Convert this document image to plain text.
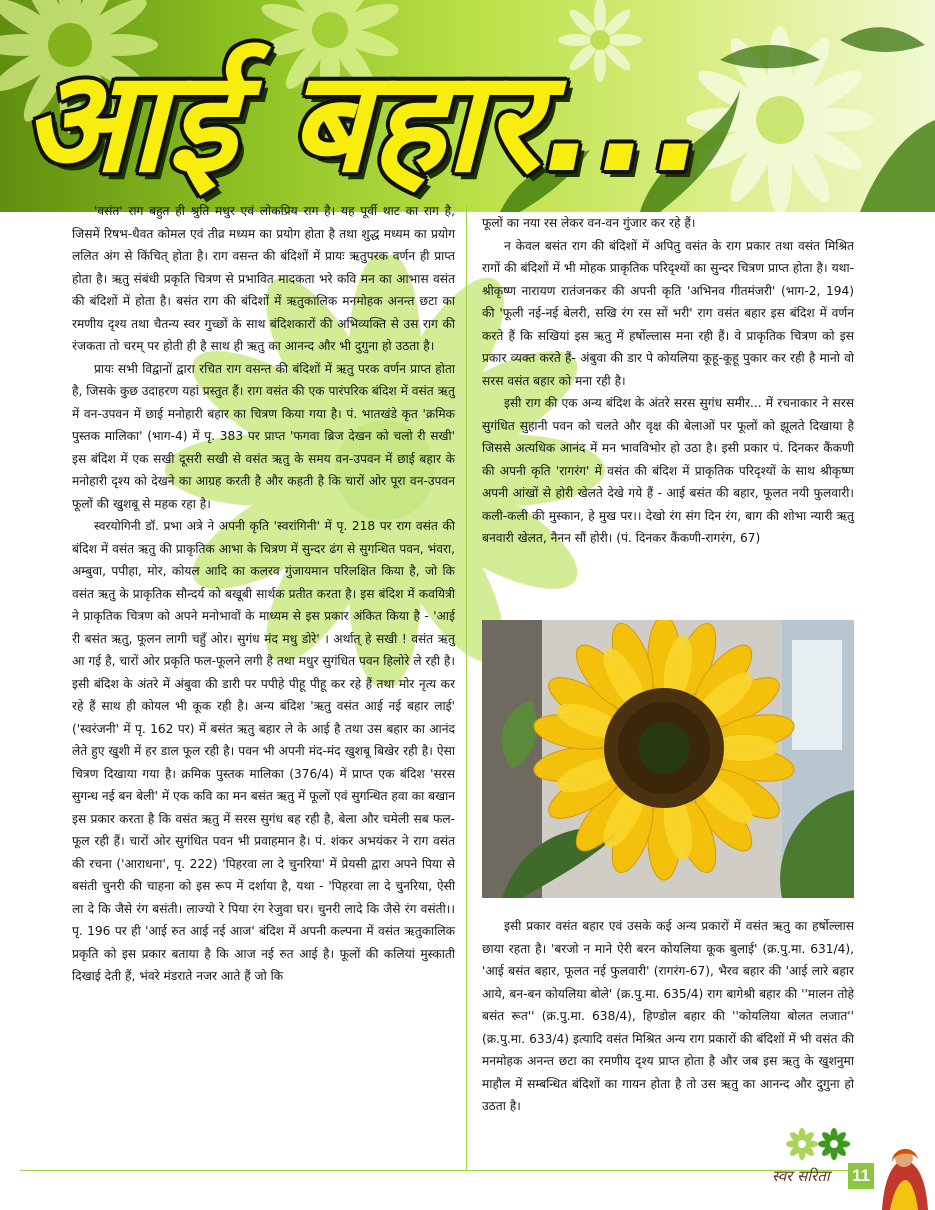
आई बहार...

'वसंत' राग बहुत ही श्रुति मधुर एवं लोकप्रिय राग है। यह पूर्वी थाट का राग है, जिसमें रिषभ-धैवत कोमल एवं तीव्र मध्यम का प्रयोग होता है तथा शुद्ध मध्यम का प्रयोग ललित अंग से किंचित् होता है। राग वसन्त की बंदिशों में प्रायः ऋतुपरक वर्णन ही प्राप्त होता है। ऋतु संबंधी प्रकृति चित्रण से प्रभावित मादकता भरे कवि मन का आभास वसंत की बंदिशों में होता है। बसंत राग की बंदिशों में ऋतुकालिक मनमोहक अनन्त छटा का रमणीय दृश्य तथा चैतन्य स्वर गुच्छों के साथ बंदिशकारों की अभिव्यक्ति से उस राग की रंजकता तो चरम् पर होती ही है साथ ही ऋतु का आनन्द और भी दुगुना हो उठता है।

प्रायः सभी विद्वानों द्वारा रचित राग वसन्त की बंदिशों में ऋतु परक वर्णन प्राप्त होता है, जिसके कुछ उदाहरण यहां प्रस्तुत हैं। राग वसंत की एक पारंपरिक बंदिश में वसंत ऋतु में वन-उपवन में छाई मनोहारी बहार का चित्रण किया गया है। पं. भातखंडे कृत 'क्रमिक पुस्तक मालिका' (भाग-4) में पृ. 383 पर प्राप्त 'फगवा ब्रिज देखन को चलो री सखी' इस बंदिश में एक सखी दूसरी सखी से वसंत ऋतु के समय वन-उपवन में छाई बहार के मनोहारी दृश्य को देखने का आग्रह करती है और कहती है कि चारों ओर पूरा वन-उपवन फूलों की खुशबू से महक रहा है।

स्वरयोगिनी डॉ. प्रभा अत्रे ने अपनी कृति 'स्वरांगिनी' में पृ. 218 पर राग वसंत की बंदिश में वसंत ऋतु की प्राकृतिक आभा के चित्रण में सुन्दर ढंग से सुगन्धित पवन, भंवरा, अम्बुवा, पपीहा, मोर, कोयल आदि का कलरव गुंजायमान परिलक्षित किया है, जो कि वसंत ऋतु के प्राकृतिक सौन्दर्य को बखूबी सार्थक प्रतीत करता है। इस बंदिश में कवयित्री ने प्राकृतिक चित्रण को अपने मनोभावों के माध्यम से इस प्रकार अंकित किया है - 'आई री बसंत ऋतु, फूलन लागी चहुँ ओर। सुगंध मंद मधु डोरे' । अर्थात् हे सखी ! वसंत ऋतु आ गई है, चारों ओर प्रकृति फल-फूलने लगी है तथा मधुर सुगंधित पवन हिलोरे ले रही है। इसी बंदिश के अंतरे में अंबुवा की डारी पर पपीहे पीहू पीहू कर रहे हैं तथा मोर नृत्य कर रहे हैं साथ ही कोयल भी कूक रही है। अन्य बंदिश 'ऋतु वसंत आई नई बहार लाई' ('स्वरंजनी' में पृ. 162 पर) में बसंत ऋतु बहार ले के आई है तथा उस बहार का आनंद लेते हुए खुशी में हर डाल फूल रही है। पवन भी अपनी मंद-मंद खुशबू बिखेर रही है। ऐसा चित्रण दिखाया गया है। क्रमिक पुस्तक मालिका (376/4) में प्राप्त एक बंदिश 'सरस सुगन्ध नई बन बेली' में एक कवि का मन बसंत ऋतु में फूलों एवं सुगन्धित हवा का बखान इस प्रकार करता है कि वसंत ऋतु में सरस सुगंध बह रही है, बेला और चमेली सब फल-फूल रही हैं। चारों ओर सुगंधित पवन भी प्रवाहमान है। पं. शंकर अभयंकर ने राग वसंत की रचना ('आराधना', पृ. 222) 'पिहरवा ला दे चुनरिया' में प्रेयसी द्वारा अपने पिया से बसंती चुनरी की चाहना को इस रूप में दर्शाया है, यथा - 'पिहरवा ला दे चुनरिया, ऐसी ला दे कि जैसे रंग बसंती। लाज्यो रे पिया रंग रेजुवा घर। चुनरी लादे कि जैसे रंग वसंती।। पृ. 196 पर ही 'आई रुत आई नई आज' बंदिश में अपनी कल्पना में वसंत ऋतुकालिक प्रकृति को इस प्रकार बताया है कि आज नई रुत आई है। फूलों की कलियां मुस्काती दिखाई देती हैं, भंवरे मंडराते नजर आते हैं जो कि

फूलों का नया रस लेकर वन-वन गुंजार कर रहे हैं।

न केवल बसंत राग की बंदिशों में अपितु वसंत के राग प्रकार तथा वसंत मिश्रित रागों की बंदिशों में भी मोहक प्राकृतिक परिदृश्यों का सुन्दर चित्रण प्राप्त होता है। यथा- श्रीकृष्ण नारायण रातंजनकर की अपनी कृति 'अभिनव गीतमंजरी' (भाग-2, 194) की 'फूली नई-नई बेलरी, सखि रंग रस सों भरी' राग वसंत बहार इस बंदिश में वर्णन करते हैं कि सखियां इस ऋतु में हर्षोल्लास मना रही हैं। वे प्राकृतिक चित्रण को इस प्रकार व्यक्त करते हैं- अंबुवा की डार पे कोयलिया कूहू-कूहू पुकार कर रही है मानो वो सरस वसंत बहार को मना रही है।

इसी राग की एक अन्य बंदिश के अंतरे सरस सुगंध समीर... में रचनाकार ने सरस सुगंधित सुहानी पवन को चलते और वृक्ष की बेलाओं पर फूलों को झूलते दिखाया है जिससे अत्यधिक आनंद में मन भावविभोर हो उठा है। इसी प्रकार पं. दिनकर कैंकणी की अपनी कृति 'रागरंग' में वसंत की बंदिश में प्राकृतिक परिदृश्यों के साथ श्रीकृष्ण अपनी आंखों से होरी खेलते देखे गये हैं - आई बसंत की बहार, फूलत नयी फुलवारी। कली-कली की मुस्कान, हे मुख पर।। देखो रंग संग दिन रंग, बाग की शोभा न्यारी ऋतु बनवारी खेलत, नैनन सौं होरी। (पं. दिनकर कैंकणी-रागरंग, 67)

इसी प्रकार वसंत बहार एवं उसके कई अन्य प्रकारों में वसंत ऋतु का हर्षोल्लास छाया रहता है। 'बरजो न माने ऐरी बरन कोयलिया कूक बुलाई' (क्र.पु.मा. 631/4), 'आई बसंत बहार, फूलत नई फुलवारी' (रागरंग-67), भैरव बहार की 'आई लारे बहार आये, बन-बन कोयलिया बोले' (क्र.पु.मा. 635/4) राग बागेश्री बहार की ''मालन तोहे बसंत रूत'' (क्र.पु.मा. 638/4), हिण्डोल बहार की ''कोयलिया बोलत लजात'' (क्र.पु.मा. 633/4) इत्यादि वसंत मिश्रित अन्य राग प्रकारों की बंदिशों में भी वसंत की मनमोहक अनन्त छटा का रमणीय दृश्य प्राप्त होता है और जब इस ऋतु के खुशनुमा माहौल में सम्बन्धित बंदिशों का गायन होता है तो उस ऋतु का आनन्द और दुगुना हो उठता है।

स्वर सरिता 11
